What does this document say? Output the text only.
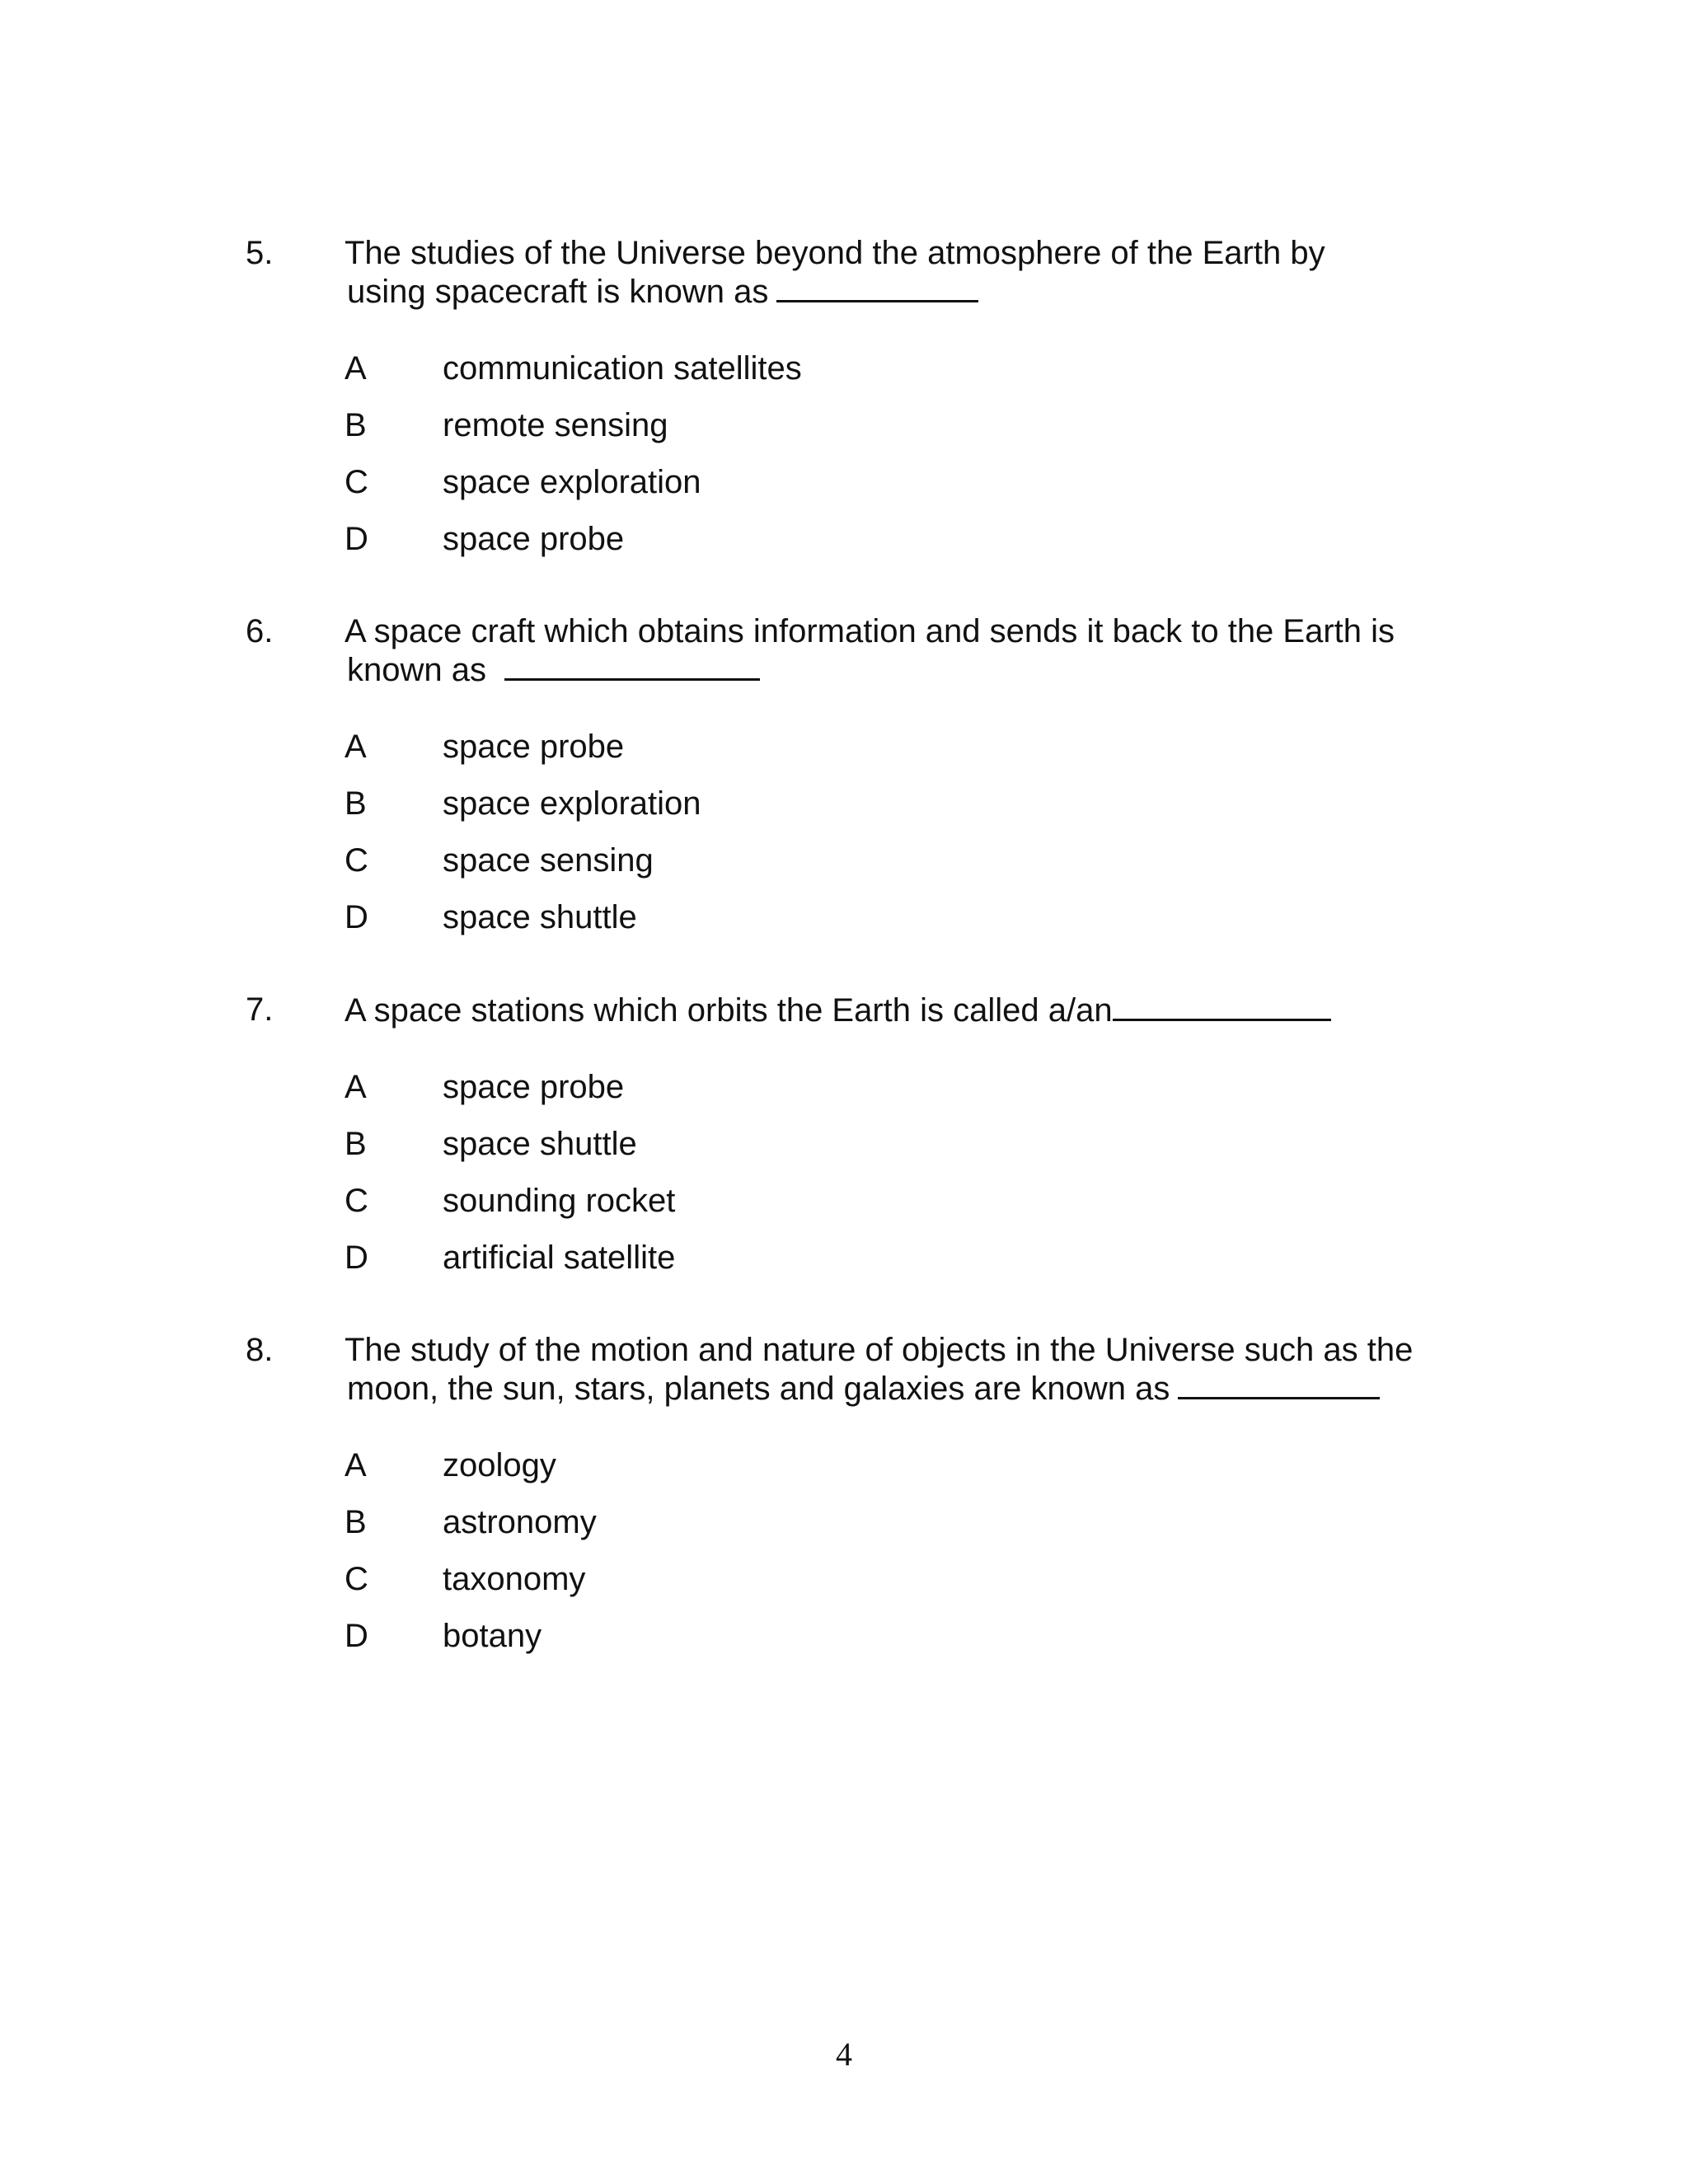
5. The studies of the Universe beyond the atmosphere of the Earth by
using spacecraft is known as
A communication satellites
B remote sensing
C space exploration
D space probe
6. A space craft which obtains information and sends it back to the Earth is
known as
A space probe
B space exploration
C space sensing
D space shuttle
7. A space stations which orbits the Earth is called a/an
A space probe
B space shuttle
C sounding rocket
D artificial satellite
8. The study of the motion and nature of objects in the Universe such as the
moon, the sun, stars, planets and galaxies are known as
A zoology
B astronomy
C taxonomy
D botany
4
